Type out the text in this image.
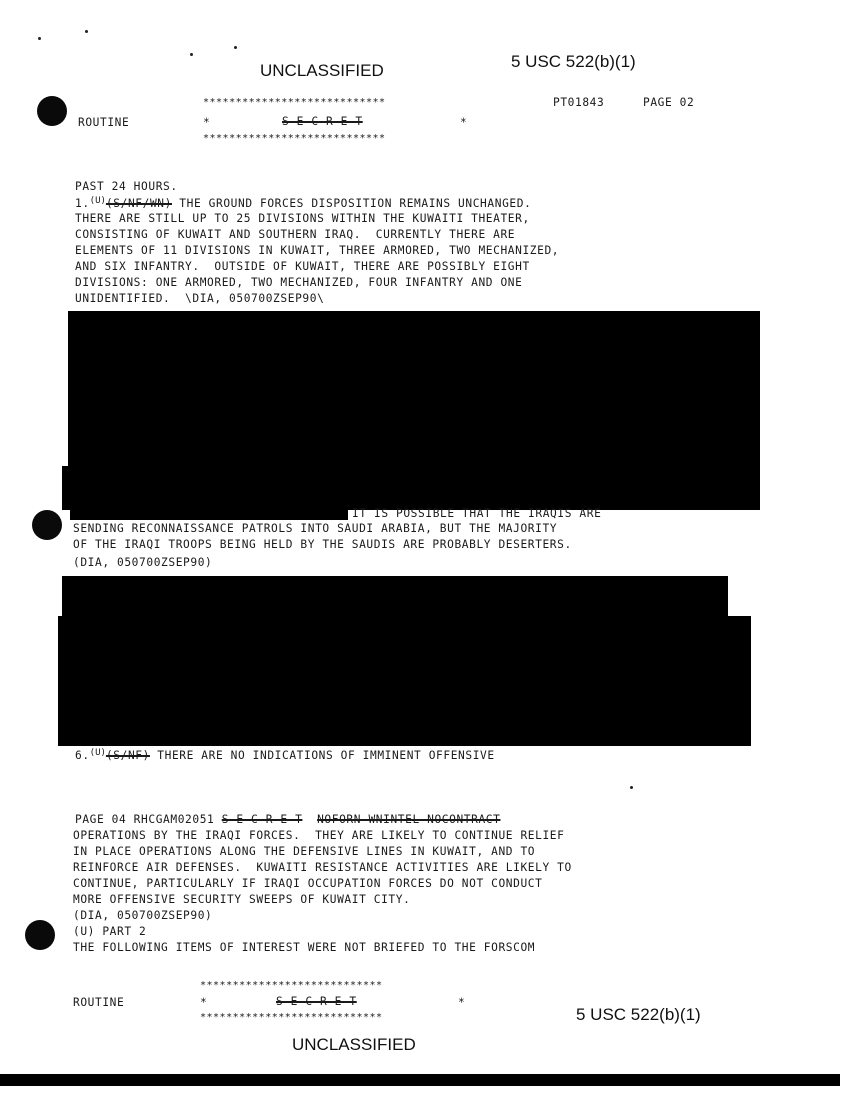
UNCLASSIFIED	5 USC 522(b)(1)
****************************
ROUTINE	*	S E C R E T	*
****************************
PT01843	PAGE 02
PAST 24 HOURS.
1.$^{(U)}$(S/NF/WN) THE GROUND FORCES DISPOSITION REMAINS UNCHANGED.
THERE ARE STILL UP TO 25 DIVISIONS WITHIN THE KUWAITI THEATER,
CONSISTING OF KUWAIT AND SOUTHERN IRAQ.  CURRENTLY THERE ARE
ELEMENTS OF 11 DIVISIONS IN KUWAIT, THREE ARMORED, TWO MECHANIZED,
AND SIX INFANTRY.  OUTSIDE OF KUWAIT, THERE ARE POSSIBLY EIGHT
DIVISIONS: ONE ARMORED, TWO MECHANIZED, FOUR INFANTRY AND ONE
UNIDENTIFIED.  \DIA, 050700ZSEP90\
IT IS POSSIBLE THAT THE IRAQIS ARE
SENDING RECONNAISSANCE PATROLS INTO SAUDI ARABIA, BUT THE MAJORITY
OF THE IRAQI TROOPS BEING HELD BY THE SAUDIS ARE PROBABLY DESERTERS.
(DIA, 050700ZSEP90)
6.$^{(U)}$(S/NF) THERE ARE NO INDICATIONS OF IMMINENT OFFENSIVE
PAGE 04 RHCGAM02051 S E C R E T NOFORN WNINTEL NOCONTRACT
OPERATIONS BY THE IRAQI FORCES.  THEY ARE LIKELY TO CONTINUE RELIEF
IN PLACE OPERATIONS ALONG THE DEFENSIVE LINES IN KUWAIT, AND TO
REINFORCE AIR DEFENSES.  KUWAITI RESISTANCE ACTIVITIES ARE LIKELY TO
CONTINUE, PARTICULARLY IF IRAQI OCCUPATION FORCES DO NOT CONDUCT
MORE OFFENSIVE SECURITY SWEEPS OF KUWAIT CITY.
(DIA, 050700ZSEP90)
(U) PART 2
THE FOLLOWING ITEMS OF INTEREST WERE NOT BRIEFED TO THE FORSCOM
****************************
ROUTINE	*	S E C R E T	*
****************************	5 USC 522(b)(1)
UNCLASSIFIED
